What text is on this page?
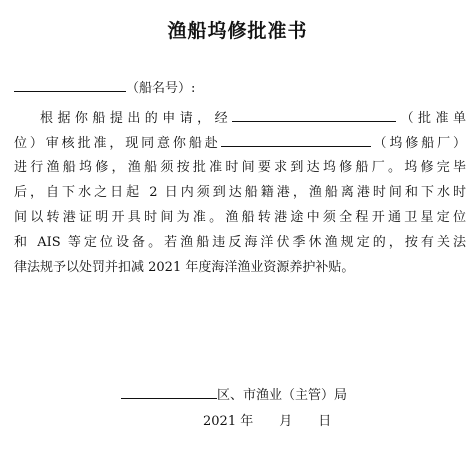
渔船坞修批准书
（船名号）:
根据你船提出的申请，经	（批准单
位）审核批准，现同意你船赴	（坞修船厂）
进行渔船坞修，渔船须按批准时间要求到达坞修船厂。坞修完毕
后，自下水之日起 2 日内须到达船籍港，渔船离港时间和下水时
间以转港证明开具时间为准。渔船转港途中须全程开通卫星定位
和 AIS 等定位设备。若渔船违反海洋伏季休渔规定的，按有关法
律法规予以处罚并扣减 2021 年度海洋渔业资源养护补贴。
区、市渔业（主管）局
2021 年 月 日
